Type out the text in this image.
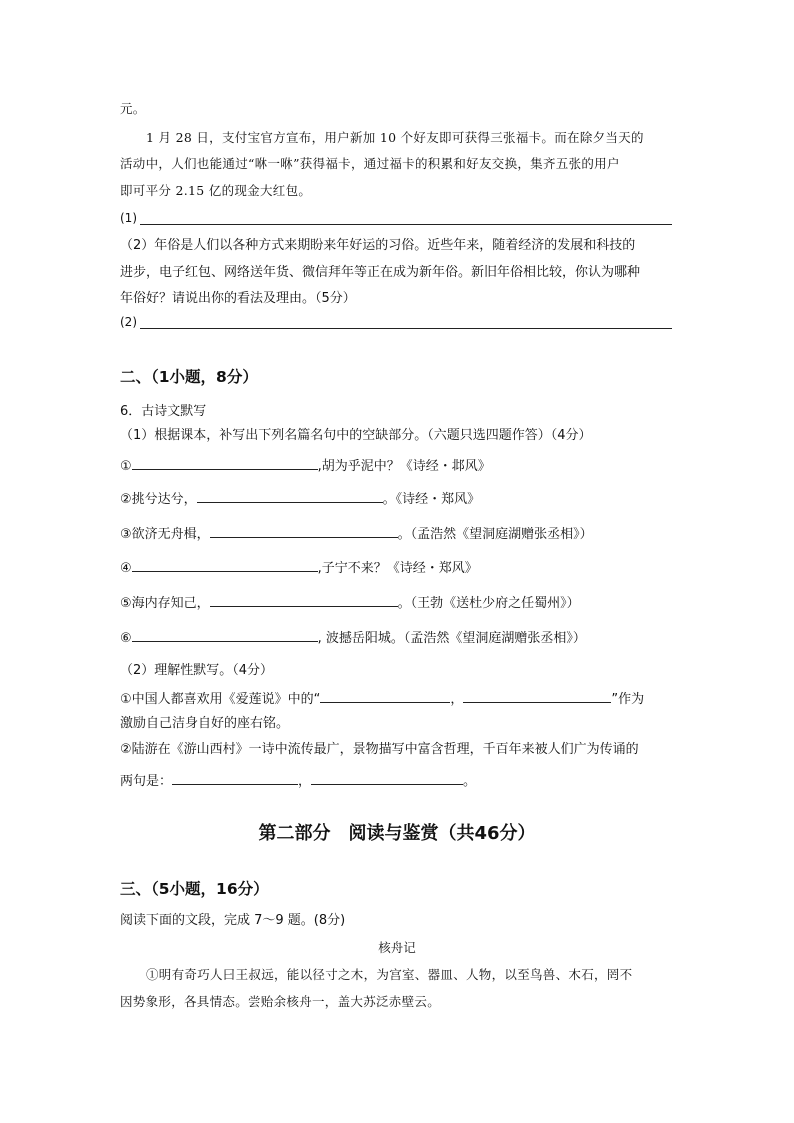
元。
1 月 28 日，支付宝官方宣布，用户新加 10 个好友即可获得三张福卡。而在除夕当天的
活动中，人们也能通过“咻一咻”获得福卡，通过福卡的积累和好友交换，集齐五张的用户
即可平分 2.15 亿的现金大红包。
(1)
（2）年俗是人们以各种方式来期盼来年好运的习俗。近些年来，随着经济的发展和科技的
进步，电子红包、网络送年货、微信拜年等正在成为新年俗。新旧年俗相比较，你认为哪种
年俗好？请说出你的看法及理由。（5分）
(2)
二、（1小题，8分）
6．古诗文默写
（1）根据课本，补写出下列名篇名句中的空缺部分。（六题只选四题作答）（4分）
①	,胡为乎泥中？《诗经・邶风》
②挑兮达兮，	。《诗经・郑风》
③欲济无舟楫，	。（孟浩然《望洞庭湖赠张丞相》）
④	,子宁不来？《诗经・郑风》
⑤海内存知己，	。（王勃《送杜少府之任蜀州》）
⑥	, 波撼岳阳城。（孟浩然《望洞庭湖赠张丞相》）
（2）理解性默写。（4分）
①中国人都喜欢用《爱莲说》中的“	，	”作为
激励自己洁身自好的座右铭。
②陆游在《游山西村》一诗中流传最广，景物描写中富含哲理，千百年来被人们广为传诵的
两句是：	，	。
第二部分　阅读与鉴赏（共46分）
三、（5小题，16分）
阅读下面的文段，完成 7～9 题。(8分)
核舟记
①明有奇巧人曰王叔远，能以径寸之木，为宫室、器皿、人物，以至鸟兽、木石，罔不
因势象形，各具情态。尝贻余核舟一，盖大苏泛赤壁云。
